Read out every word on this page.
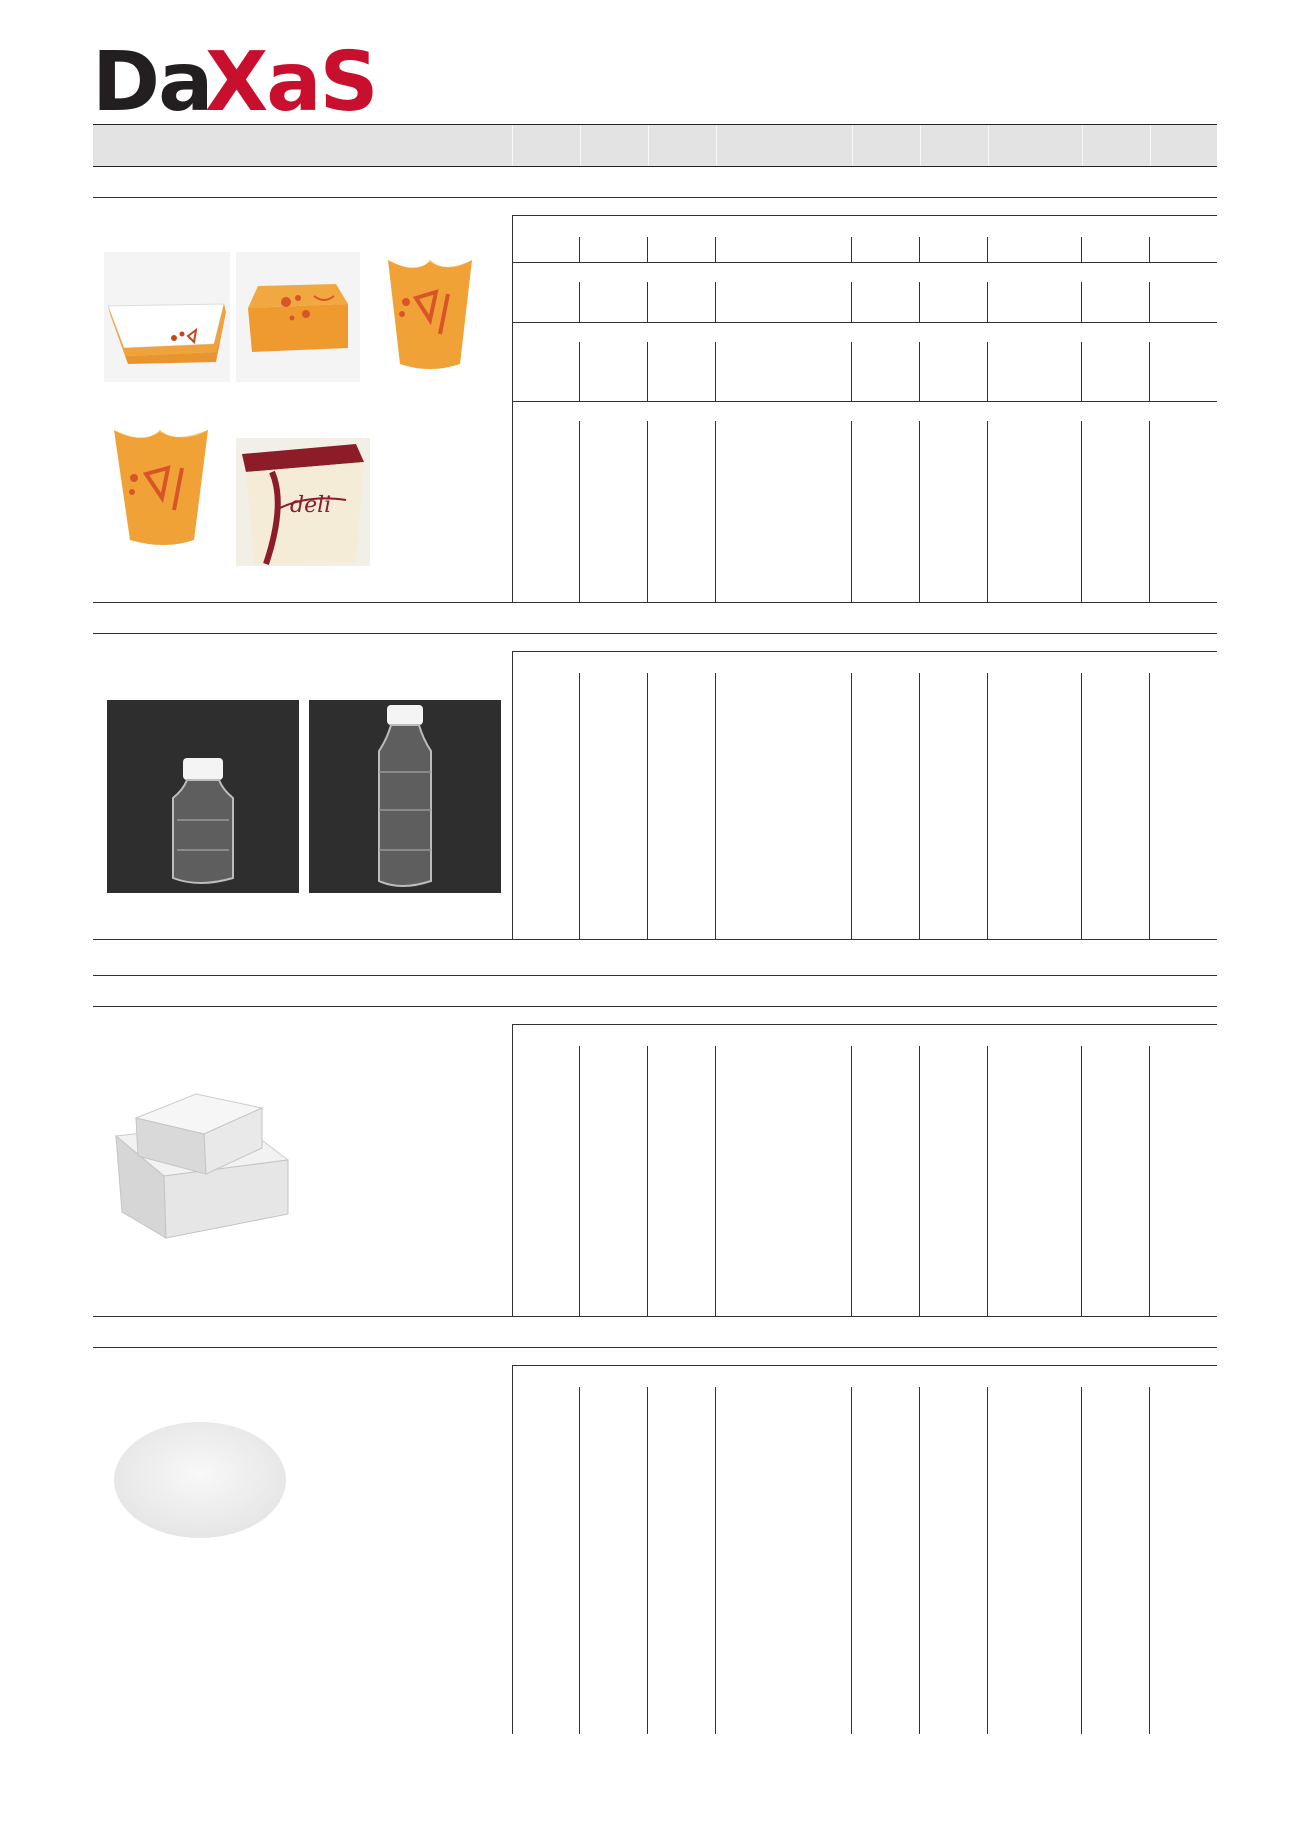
Da
XaS
deli
